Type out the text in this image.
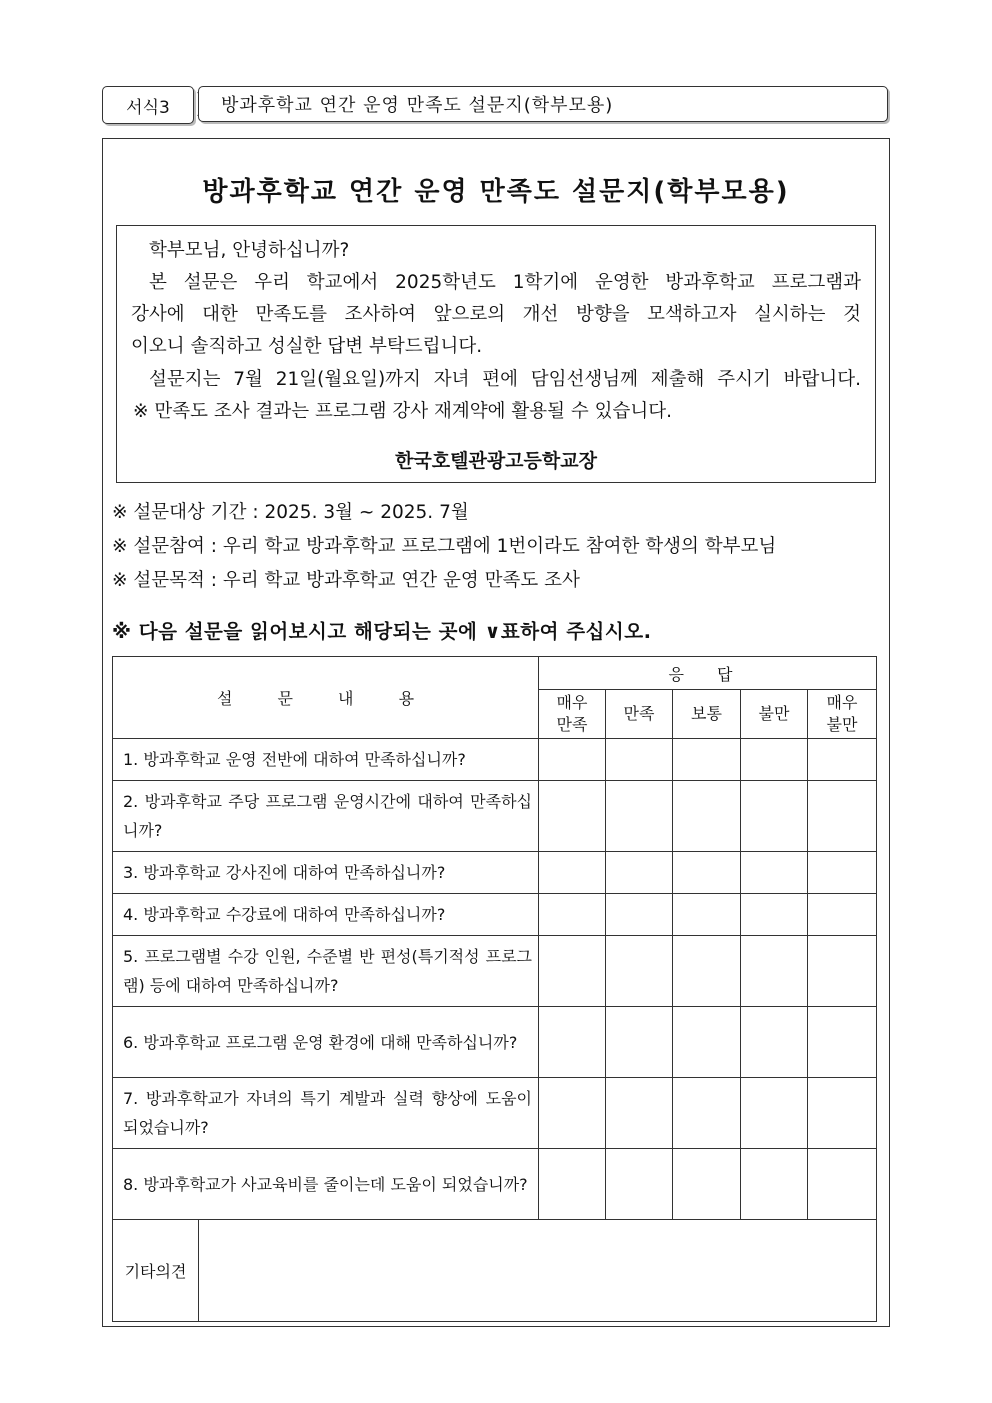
서식3	방과후학교 연간 운영 만족도 설문지(학부모용)
방과후학교 연간 운영 만족도 설문지(학부모용)

학부모님, 안녕하십니까?

본 설문은 우리 학교에서 2025학년도 1학기에 운영한 방과후학교 프로그램과

강사에 대한 만족도를 조사하여 앞으로의 개선 방향을 모색하고자 실시하는 것

이오니 솔직하고 성실한 답변 부탁드립니다.

설문지는 7월 21일(월요일)까지 자녀 편에 담임선생님께 제출해 주시기 바랍니다.

※ 만족도 조사 결과는 프로그램 강사 재계약에 활용될 수 있습니다.

한국호텔관광고등학교장
※ 설문대상 기간 : 2025. 3월 ~ 2025. 7월
※ 설문참여 : 우리 학교 방과후학교 프로그램에 1번이라도 참여한 학생의 학부모님
※ 설문목적 : 우리 학교 방과후학교 연간 운영 만족도 조사
※ 다음 설문을 읽어보시고 해당되는 곳에 ∨표하여 주십시오.
설 문 내 용		응 답				
		매우
만족	만족	보통	불만	매우
불만
1. 방과후학교 운영 전반에 대하여 만족하십니까?						
2. 방과후학교 주당 프로그램 운영시간에 대하여 만족하십니까?						
3. 방과후학교 강사진에 대하여 만족하십니까?						
4. 방과후학교 수강료에 대하여 만족하십니까?						
5. 프로그램별 수강 인원, 수준별 반 편성(특기적성 프로그램) 등에 대하여 만족하십니까?						
6. 방과후학교 프로그램 운영 환경에 대해 만족하십니까?						
7. 방과후학교가 자녀의 특기 계발과 실력 향상에 도움이 되었습니까?						
8. 방과후학교가 사교육비를 줄이는데 도움이 되었습니까?						
기타의견	
